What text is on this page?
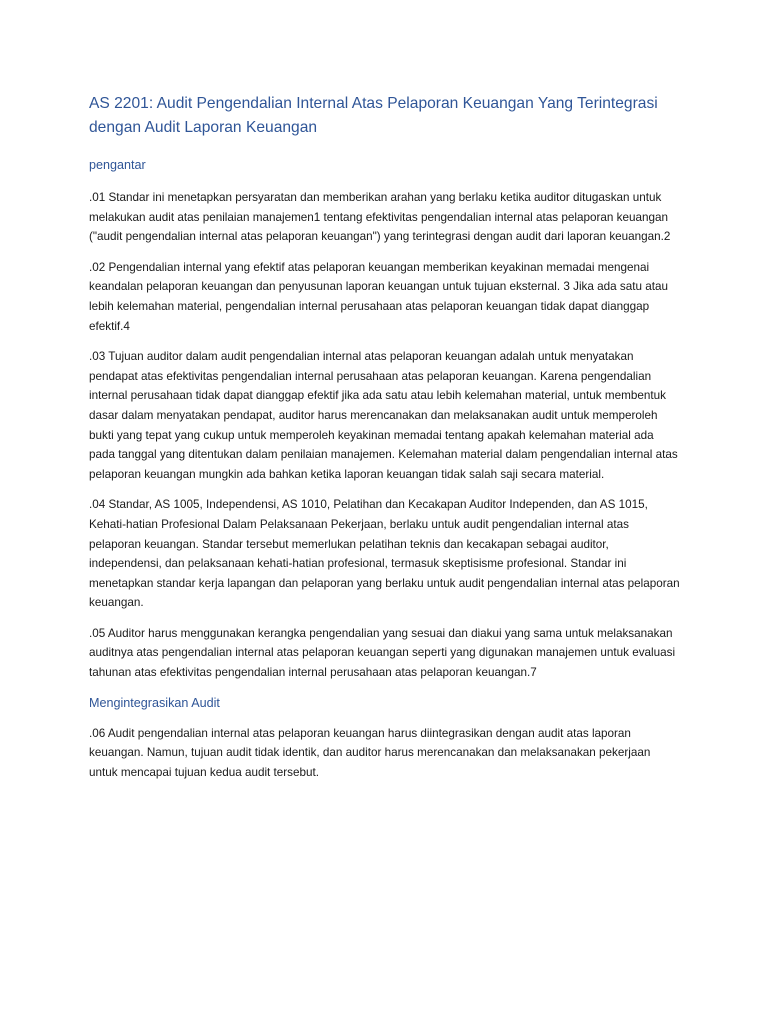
AS 2201: Audit Pengendalian Internal Atas Pelaporan Keuangan Yang Terintegrasi dengan Audit Laporan Keuangan
pengantar

.01 Standar ini menetapkan persyaratan dan memberikan arahan yang berlaku ketika auditor ditugaskan untuk melakukan audit atas penilaian manajemen1 tentang efektivitas pengendalian internal atas pelaporan keuangan ("audit pengendalian internal atas pelaporan keuangan") yang terintegrasi dengan audit dari laporan keuangan.2

.02 Pengendalian internal yang efektif atas pelaporan keuangan memberikan keyakinan memadai mengenai keandalan pelaporan keuangan dan penyusunan laporan keuangan untuk tujuan eksternal. 3 Jika ada satu atau lebih kelemahan material, pengendalian internal perusahaan atas pelaporan keuangan tidak dapat dianggap efektif.4

.03 Tujuan auditor dalam audit pengendalian internal atas pelaporan keuangan adalah untuk menyatakan pendapat atas efektivitas pengendalian internal perusahaan atas pelaporan keuangan. Karena pengendalian internal perusahaan tidak dapat dianggap efektif jika ada satu atau lebih kelemahan material, untuk membentuk dasar dalam menyatakan pendapat, auditor harus merencanakan dan melaksanakan audit untuk memperoleh bukti yang tepat yang cukup untuk memperoleh keyakinan memadai tentang apakah kelemahan material ada pada tanggal yang ditentukan dalam penilaian manajemen. Kelemahan material dalam pengendalian internal atas pelaporan keuangan mungkin ada bahkan ketika laporan keuangan tidak salah saji secara material.

.04 Standar, AS 1005, Independensi, AS 1010, Pelatihan dan Kecakapan Auditor Independen, dan AS 1015, Kehati-hatian Profesional Dalam Pelaksanaan Pekerjaan, berlaku untuk audit pengendalian internal atas pelaporan keuangan. Standar tersebut memerlukan pelatihan teknis dan kecakapan sebagai auditor, independensi, dan pelaksanaan kehati-hatian profesional, termasuk skeptisisme profesional. Standar ini menetapkan standar kerja lapangan dan pelaporan yang berlaku untuk audit pengendalian internal atas pelaporan keuangan.

.05 Auditor harus menggunakan kerangka pengendalian yang sesuai dan diakui yang sama untuk melaksanakan auditnya atas pengendalian internal atas pelaporan keuangan seperti yang digunakan manajemen untuk evaluasi tahunan atas efektivitas pengendalian internal perusahaan atas pelaporan keuangan.7

Mengintegrasikan Audit

.06 Audit pengendalian internal atas pelaporan keuangan harus diintegrasikan dengan audit atas laporan keuangan. Namun, tujuan audit tidak identik, dan auditor harus merencanakan dan melaksanakan pekerjaan untuk mencapai tujuan kedua audit tersebut.
